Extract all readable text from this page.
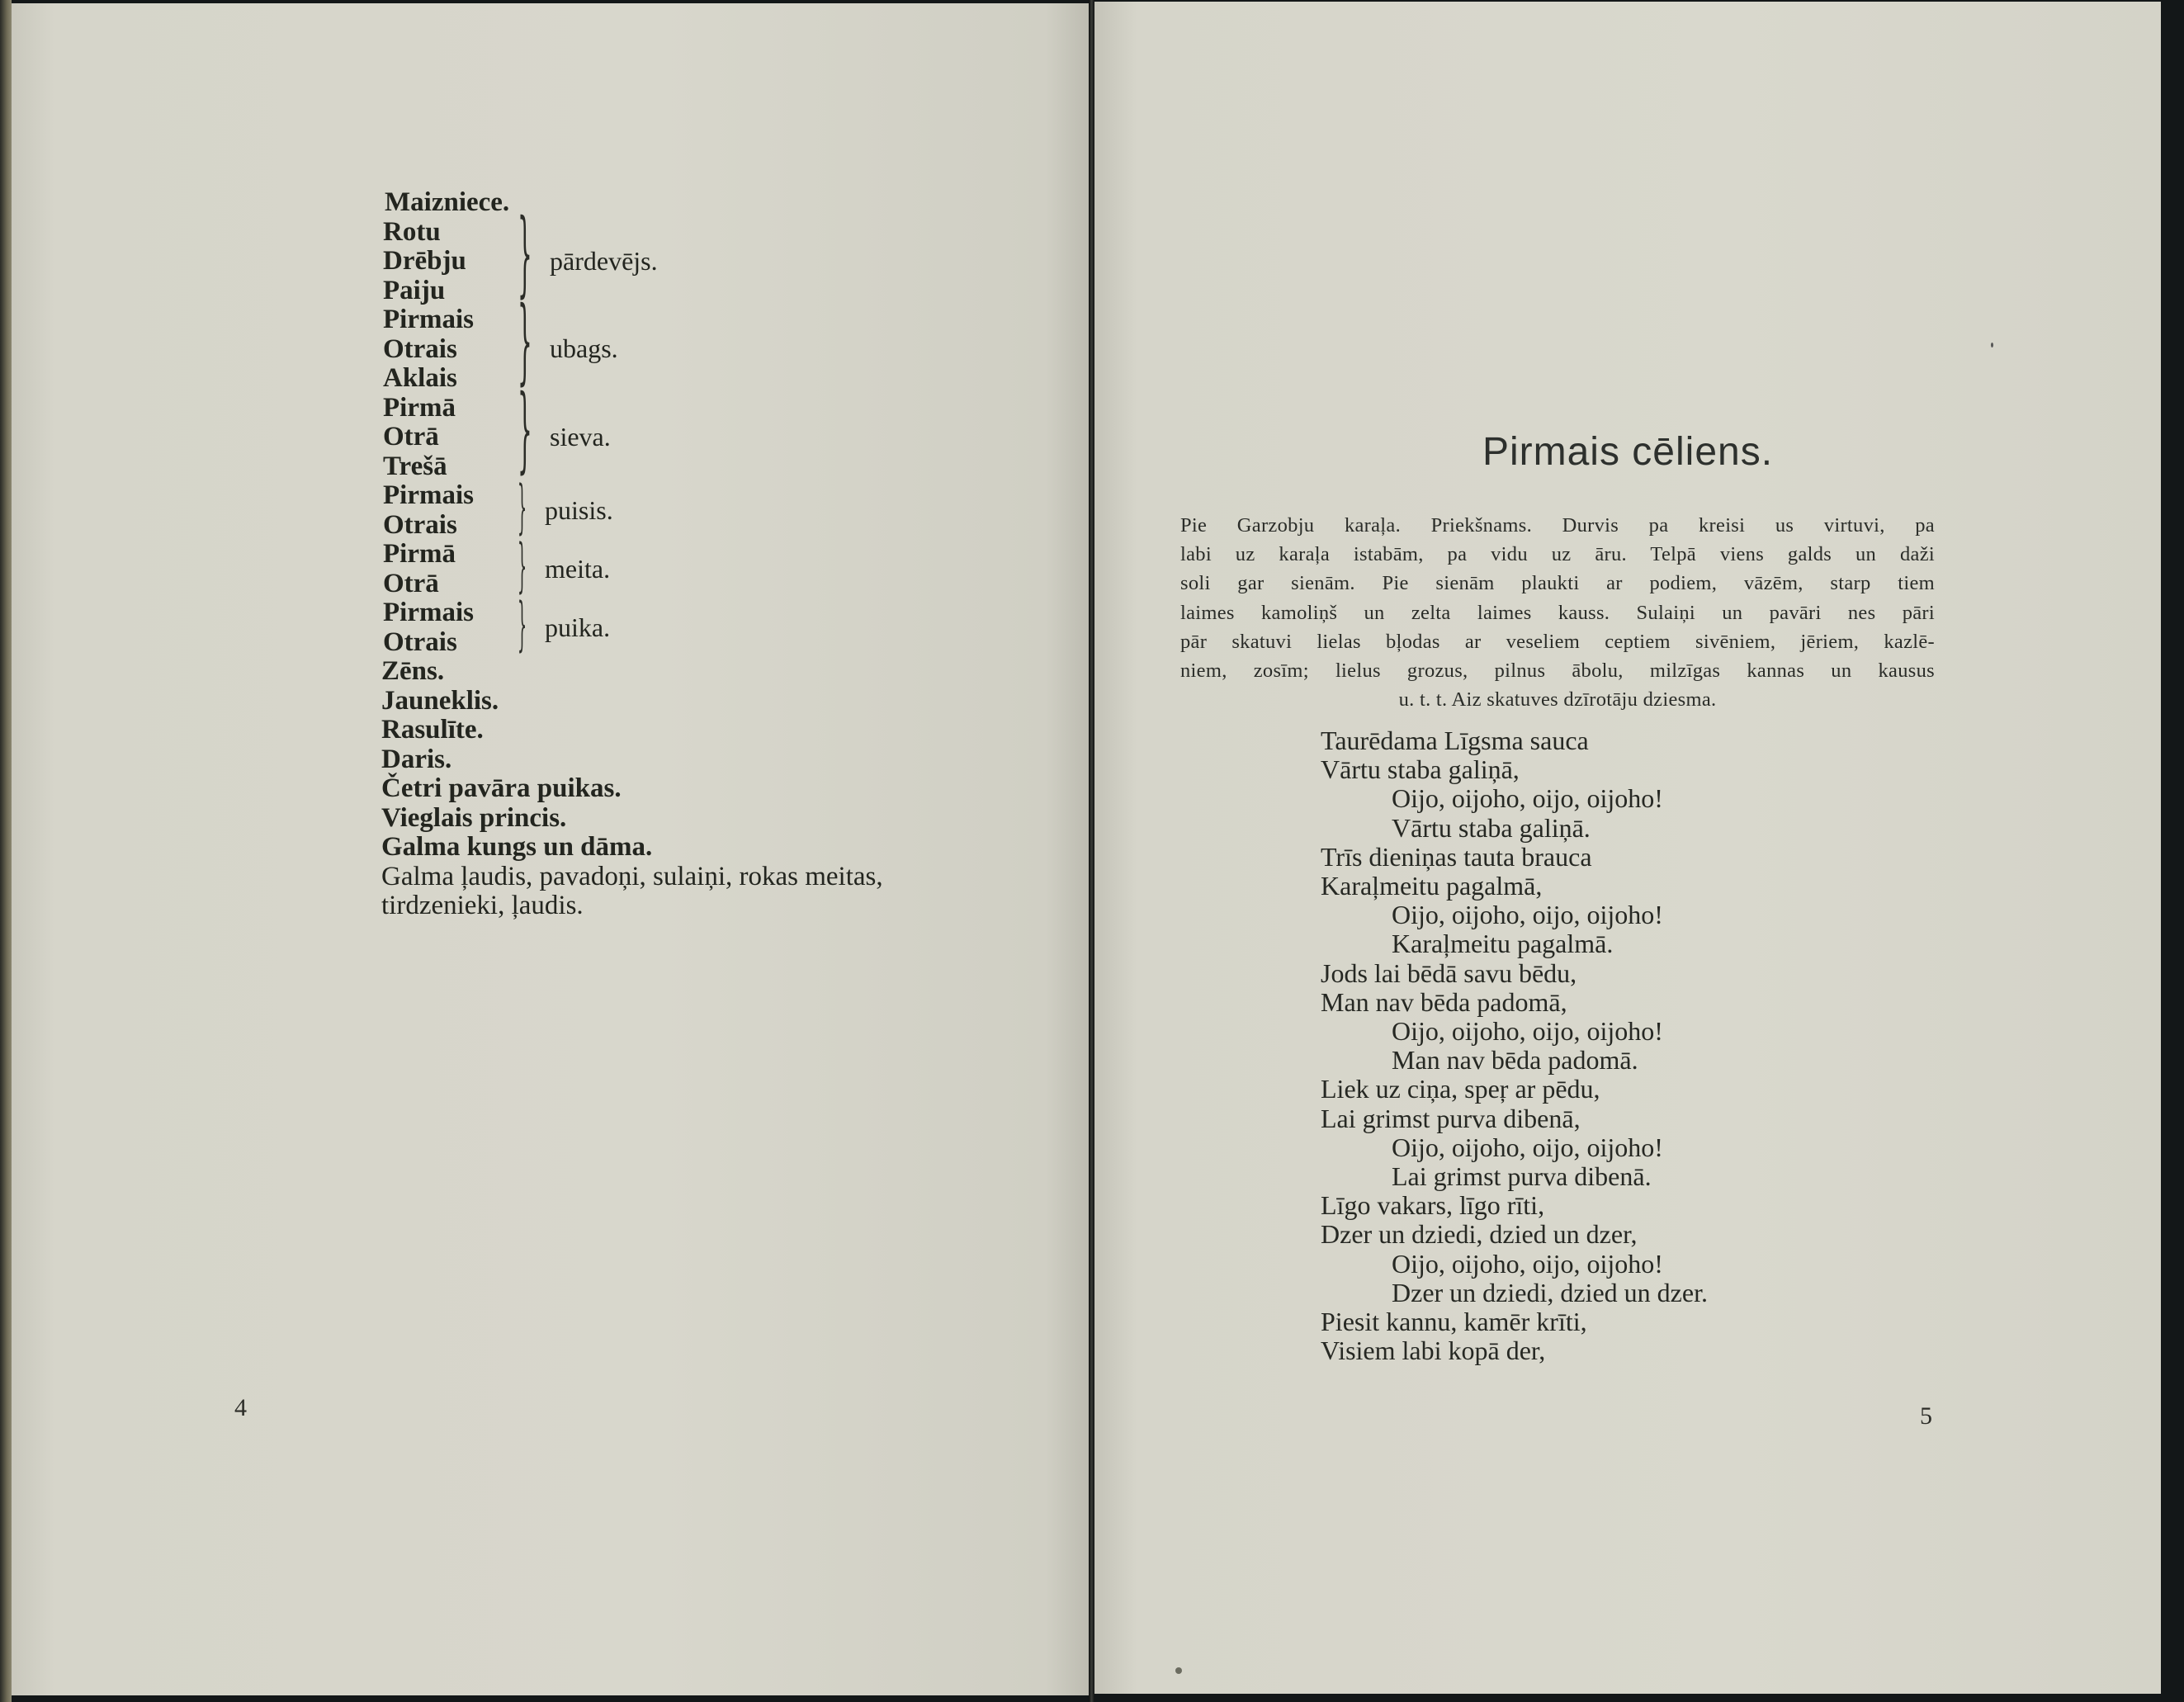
Maizniece.
Rotu
Drēbju
Paiju } pārdevējs.
Pirmais
Otrais
Aklais } ubags.
Pirmā
Otrā
Trešā } sieva.
Pirmais
Otrais } puisis.
Pirmā
Otrā } meita.
Pirmais
Otrais } puika.
Zēns.
Jauneklis.
Rasulīte.
Daris.
Četri pavāra puikas.
Vieglais princis.
Galma kungs un dāma.
Galma ļaudis, pavadoņi, sulaiņi, rokas meitas,
tirdzenieki, ļaudis.
4
Pirmais cēliens.
Pie Garzobju karaļa. Priekšnams. Durvis pa kreisi us virtuvi, pa
labi uz karaļa istabām, pa vidu uz āru. Telpā viens galds un daži
soli gar sienām. Pie sienām plaukti ar podiem, vāzēm, starp tiem
laimes kamoliņš un zelta laimes kauss. Sulaiņi un pavāri nes pāri
pār skatuvi lielas bļodas ar veseliem ceptiem sivēniem, jēriem, kazlē-
niem, zosīm; lielus grozus, pilnus ābolu, milzīgas kannas un kausus
u. t. t. Aiz skatuves dzīrotāju dziesma.
Taurēdama Līgsma sauca
Vārtu staba galiņā,
Oijo, oijoho, oijo, oijoho!
Vārtu staba galiņā.
Trīs dieniņas tauta brauca
Karaļmeitu pagalmā,
Oijo, oijoho, oijo, oijoho!
Karaļmeitu pagalmā.
Jods lai bēdā savu bēdu,
Man nav bēda padomā,
Oijo, oijoho, oijo, oijoho!
Man nav bēda padomā.
Liek uz ciņa, speŗ ar pēdu,
Lai grimst purva dibenā,
Oijo, oijoho, oijo, oijoho!
Lai grimst purva dibenā.
Līgo vakars, līgo rīti,
Dzer un dziedi, dzied un dzer,
Oijo, oijoho, oijo, oijoho!
Dzer un dziedi, dzied un dzer.
Piesit kannu, kamēr krīti,
Visiem labi kopā der,
5
